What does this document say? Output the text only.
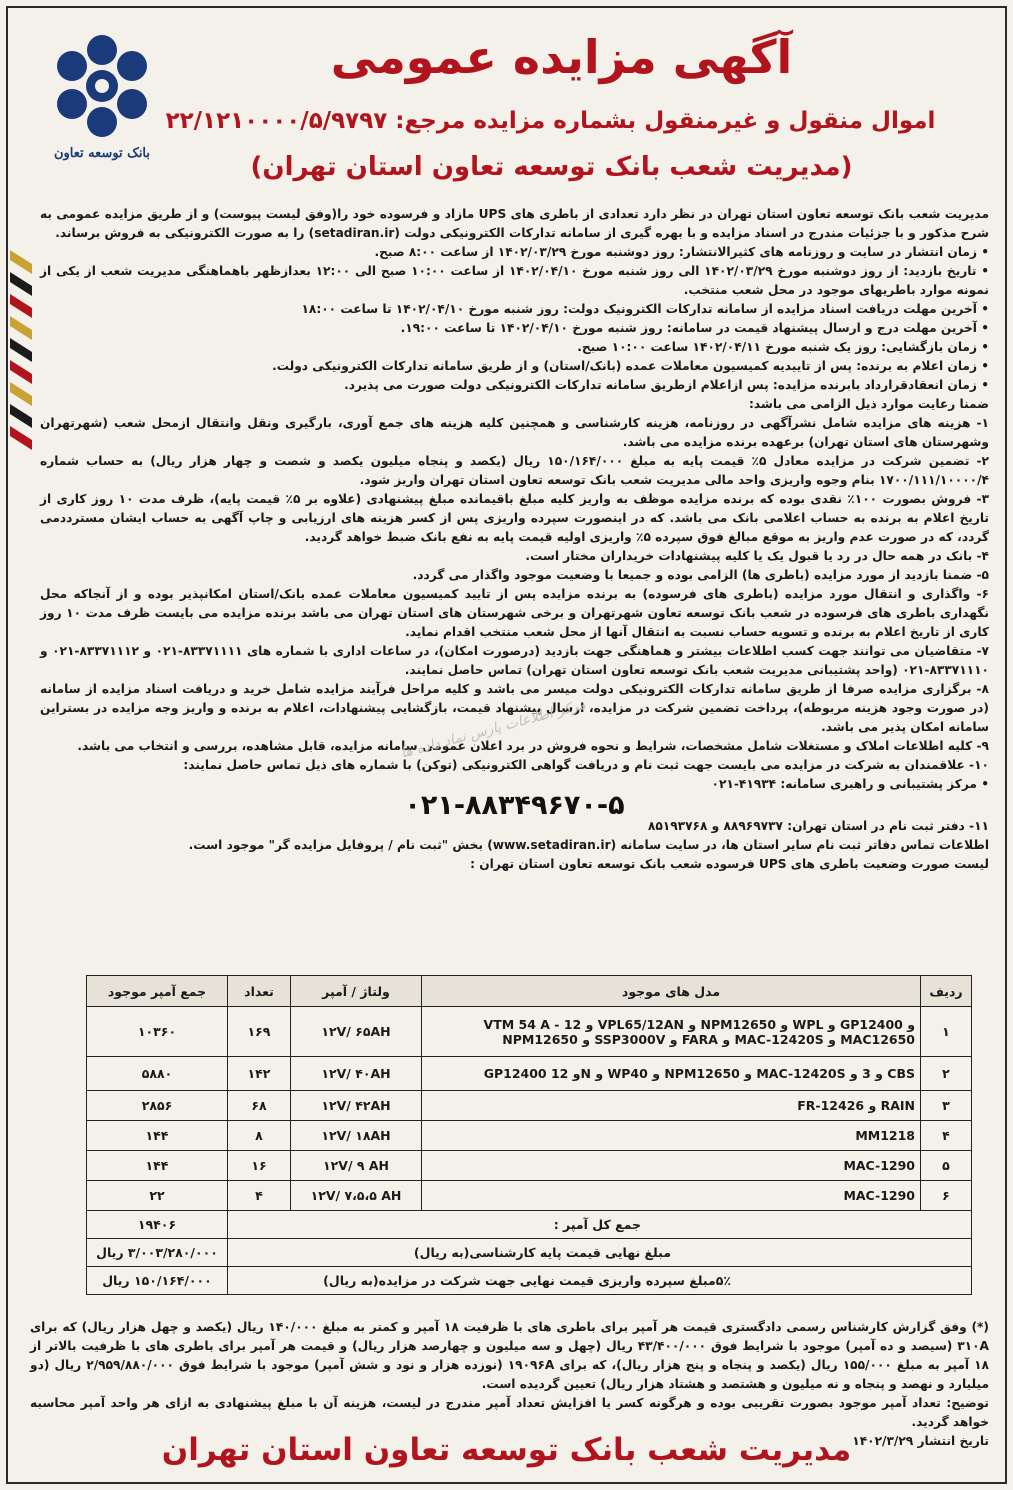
بانک توسعه تعاون
آگهی مزایده عمومی
اموال منقول و غیرمنقول بشماره مزایده مرجع: ۲۲/۱۲۱۰۰۰۰/۵/۹۷۹۷
(مدیریت شعب بانک توسعه تعاون استان تهران)

مدیریت شعب بانک توسعه تعاون استان تهران در نظر دارد تعدادی از باطری های UPS مازاد و فرسوده خود را(وفق لیست پیوست) و از طریق مزایده عمومی به شرح مذکور و با جزئیات مندرج در اسناد مزایده و با بهره گیری از سامانه تدارکات الکترونیکی دولت (setadiran.ir) را به صورت الکترونیکی به فروش برساند.

• زمان انتشار در سایت و روزنامه های کثیرالانتشار: روز دوشنبه مورخ ۱۴۰۲/۰۳/۲۹ از ساعت ۸:۰۰ صبح.

• تاریخ بازدید: از روز دوشنبه مورخ ۱۴۰۲/۰۳/۲۹ الی روز شنبه مورخ ۱۴۰۲/۰۴/۱۰ از ساعت ۱۰:۰۰ صبح الی ۱۲:۰۰ بعدازظهر باهماهنگی مدیریت شعب از یکی از نمونه موارد باطریهای موجود در محل شعب منتخب.

• آخرین مهلت دریافت اسناد مزایده از سامانه تدارکات الکترونیک دولت: روز شنبه مورخ ۱۴۰۲/۰۴/۱۰ تا ساعت ۱۸:۰۰

• آخرین مهلت درج و ارسال پیشنهاد قیمت در سامانه: روز شنبه مورخ ۱۴۰۲/۰۴/۱۰ تا ساعت ۱۹:۰۰.

• زمان بازگشایی: روز یک شنبه مورخ ۱۴۰۲/۰۴/۱۱ ساعت ۱۰:۰۰ صبح.

• زمان اعلام به برنده: پس از تاییدیه کمیسیون معاملات عمده (بانک/استان) و از طریق سامانه تدارکات الکترونیکی دولت.

• زمان انعقادقرارداد بابرنده مزایده: پس ازاعلام ازطریق سامانه تدارکات الکترونیکی دولت صورت می پذیرد.

ضمنا رعایت موارد ذیل الزامی می باشد:

۱- هزینه های مزایده شامل نشرآگهی در روزنامه، هزینه کارشناسی و همچنین کلیه هزینه های جمع آوری، بارگیری ونقل وانتقال ازمحل شعب (شهرتهران وشهرستان های استان تهران) برعهده برنده مزایده می باشد.

۲- تضمین شرکت در مزایده معادل ۵٪ قیمت پایه به مبلغ ۱۵۰/۱۶۴/۰۰۰ ریال (یکصد و پنجاه میلیون یکصد و شصت و چهار هزار ریال) به حساب شماره ۱۷۰۰/۱۱۱/۱۰۰۰۰/۴ بنام وجوه واریزی واحد مالی مدیریت شعب بانک توسعه تعاون استان تهران واریز شود.

۳- فروش بصورت ۱۰۰٪ نقدی بوده که برنده مزایده موظف به واریز کلیه مبلغ باقیمانده مبلغ پیشنهادی (علاوه بر ۵٪ قیمت پایه)، ظرف مدت ۱۰ روز کاری از تاریخ اعلام به برنده به حساب اعلامی بانک می باشد. که در اینصورت سپرده واریزی پس از کسر هزینه های ارزیابی و چاپ آگهی به حساب ایشان مسترددمی گردد، که در صورت عدم واریز به موقع مبالغ فوق سپرده ۵٪ واریزی اولیه قیمت پایه به نفع بانک ضبط خواهد گردید.

۴- بانک در همه حال در رد یا قبول یک یا کلیه پیشنهادات خریداران مختار است.

۵- ضمنا بازدید از مورد مزایده (باطری ها) الزامی بوده و جمیعا با وضعیت موجود واگذار می گردد.

۶- واگذاری و انتقال مورد مزایده (باطری های فرسوده) به برنده مزایده پس از تایید کمیسیون معاملات عمده بانک/استان امکانپذیر بوده و از آنجاکه محل نگهداری باطری های فرسوده در شعب بانک توسعه تعاون شهرتهران و برخی شهرستان های استان تهران می باشد برنده مزایده می بایست ظرف مدت ۱۰ روز کاری از تاریخ اعلام به برنده و تسویه حساب نسبت به انتقال آنها از محل شعب منتخب اقدام نماید.

۷- متقاضیان می توانند جهت کسب اطلاعات بیشتر و هماهنگی جهت بازدید (درصورت امکان)، در ساعات اداری با شماره های ۸۳۳۷۱۱۱۱-۰۲۱ و ۸۳۳۷۱۱۱۲-۰۲۱ و ۸۳۳۷۱۱۱۰-۰۲۱ (واحد پشتیبانی مدیریت شعب بانک توسعه تعاون استان تهران) تماس حاصل نمایند.

۸- برگزاری مزایده صرفا از طریق سامانه تدارکات الکترونیکی دولت میسر می باشد و کلیه مراحل فرآیند مزایده شامل خرید و دریافت اسناد مزایده از سامانه (در صورت وجود هزینه مربوطه)، پرداخت تضمین شرکت در مزایده، ارسال پیشنهاد قیمت، بازگشایی پیشنهادات، اعلام به برنده و واریز وجه مزایده در بستراین سامانه امکان پذیر می باشد.

۹- کلیه اطلاعات املاک و مستغلات شامل مشخصات، شرایط و نحوه فروش در برد اعلان عمومی سامانه مزایده، قابل مشاهده، بررسی و انتخاب می باشد.

۱۰- علاقمندان به شرکت در مزایده می بایست جهت ثبت نام و دریافت گواهی الکترونیکی (توکن) با شماره های ذیل تماس حاصل نمایند:

• مرکز پشتیبانی و راهبری سامانه: ۴۱۹۳۴-۰۲۱

۰۲۱-۸۸۳۴۹۶۷۰-۵

۱۱- دفتر ثبت نام در استان تهران: ۸۸۹۶۹۷۳۷ و ۸۵۱۹۳۷۶۸

اطلاعات تماس دفاتر ثبت نام سایر استان ها، در سایت سامانه (www.setadiran.ir) بخش "ثبت نام / پروفایل مزایده گر" موجود است.

لیست صورت وضعیت باطری های UPS فرسوده شعب بانک توسعه تعاون استان تهران :

مرکز اطلاعات پارس نماد داده ها
ردیف	مدل های موجود	ولتاژ / آمپر	تعداد	جمع آمپر موجود
۱	VTM 54 A - 12 و VPL65/12AN و NPM12650 و WPL و GP12400 و NPM12650 و SSP3000V و FARA و MAC-12420S و MAC12650	۱۲V/ ۶۵AH	۱۶۹	۱۰۳۶۰
۲	GP12400 و 12N و WP40 و NPM12650 و MAC-12420S و 3 و CBS	۱۲V/ ۴۰AH	۱۴۲	۵۸۸۰
۳	FR-12426 و RAIN	۱۲V/ ۴۲AH	۶۸	۲۸۵۶
۴	MM1218	۱۲V/ ۱۸AH	۸	۱۴۴
۵	MAC-1290	۱۲V/ ۹ AH	۱۶	۱۴۴
۶	MAC-1290	۱۲V/ ۷،۵،۵ AH	۴	۲۲
جمع کل آمپر :				۱۹۴۰۶
مبلغ نهایی قیمت پایه کارشناسی(به ریال)				۳/۰۰۳/۲۸۰/۰۰۰ ریال
۵٪مبلغ سپرده واریزی قیمت نهایی جهت شرکت در مزایده(به ریال)				۱۵۰/۱۶۴/۰۰۰ ریال

(*) وفق گزارش کارشناس رسمی دادگستری قیمت هر آمپر برای باطری های با ظرفیت ۱۸ آمپر و کمتر به مبلغ ۱۴۰/۰۰۰ ریال (یکصد و چهل هزار ریال) که برای ۳۱۰A (سیصد و ده آمپر) موجود با شرایط فوق ۴۳/۴۰۰/۰۰۰ ریال (چهل و سه میلیون و چهارصد هزار ریال) و قیمت هر آمپر برای باطری های با ظرفیت بالاتر از ۱۸ آمپر به مبلغ ۱۵۵/۰۰۰ ریال (یکصد و پنجاه و پنج هزار ریال)، که برای ۱۹۰۹۶A (نوزده هزار و نود و شش آمپر) موجود با شرایط فوق ۲/۹۵۹/۸۸۰/۰۰۰ ریال (دو میلیارد و نهصد و پنجاه و نه میلیون و هشتصد و هشتاد هزار ریال) تعیین گردیده است.

توضیح: تعداد آمپر موجود بصورت تقریبی بوده و هرگونه کسر یا افزایش تعداد آمپر مندرج در لیست، هزینه آن با مبلغ پیشنهادی به ازای هر واحد آمپر محاسبه خواهد گردید.

تاریخ انتشار ۱۴۰۲/۳/۲۹

مدیریت شعب بانک توسعه تعاون استان تهران
